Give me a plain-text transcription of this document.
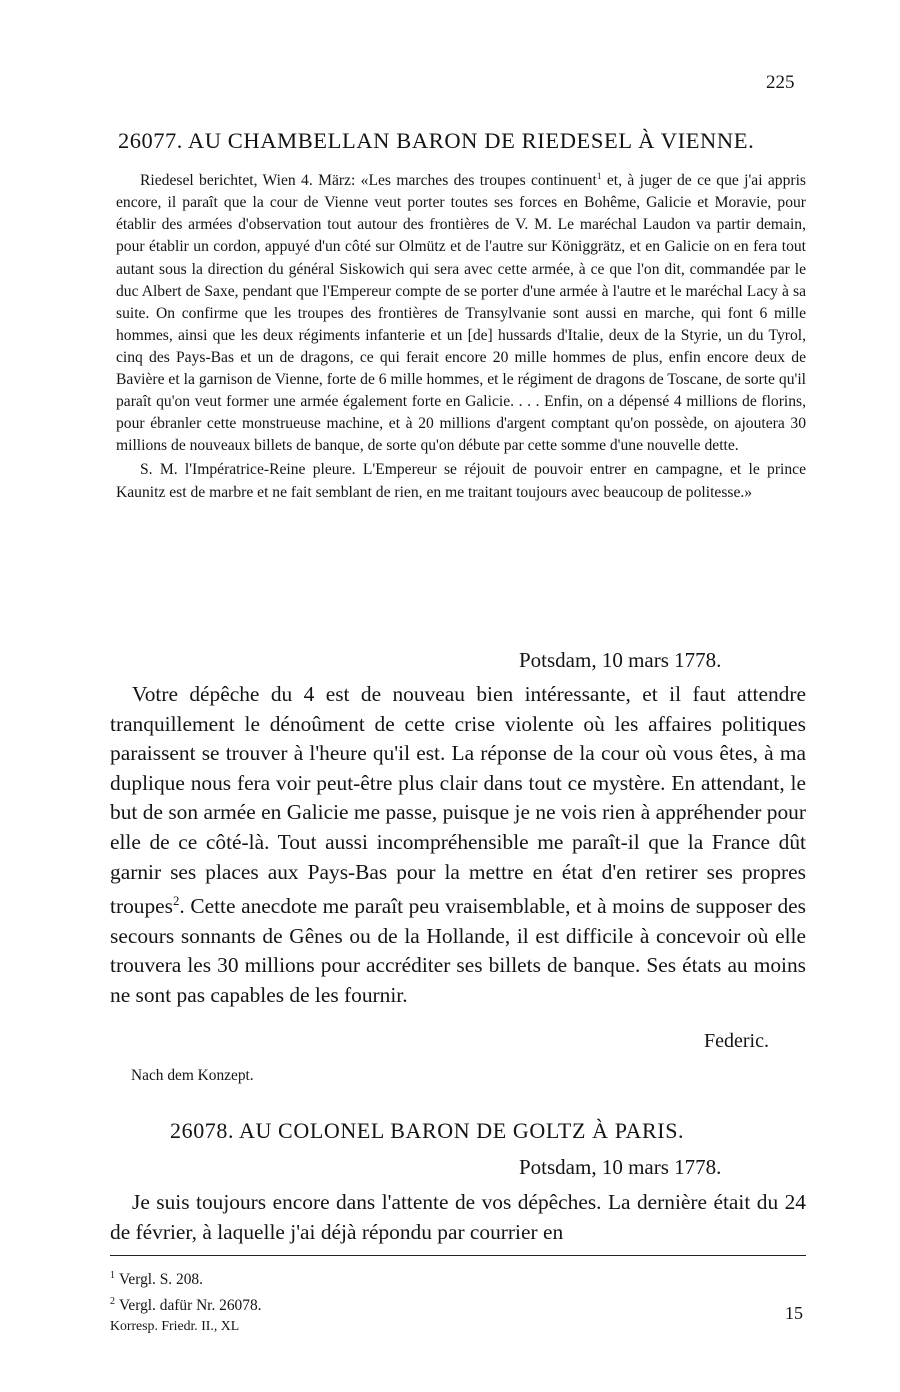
225
26077. AU CHAMBELLAN BARON DE RIEDESEL À VIENNE.

Riedesel berichtet, Wien 4. März: «Les marches des troupes continuent$^1$ et, à juger de ce que j'ai appris encore, il paraît que la cour de Vienne veut porter toutes ses forces en Bohême, Galicie et Moravie, pour établir des armées d'observation tout autour des frontières de V. M. Le maréchal Laudon va partir demain, pour établir un cordon, appuyé d'un côté sur Olmütz et de l'autre sur Königgrätz, et en Galicie on en fera tout autant sous la direction du général Siskowich qui sera avec cette armée, à ce que l'on dit, commandée par le duc Albert de Saxe, pendant que l'Empereur compte de se porter d'une armée à l'autre et le maréchal Lacy à sa suite. On confirme que les troupes des frontières de Transylvanie sont aussi en marche, qui font 6 mille hommes, ainsi que les deux régiments infanterie et un [de] hussards d'Italie, deux de la Styrie, un du Tyrol, cinq des Pays-Bas et un de dragons, ce qui ferait encore 20 mille hommes de plus, enfin encore deux de Bavière et la garnison de Vienne, forte de 6 mille hommes, et le régiment de dragons de Toscane, de sorte qu'il paraît qu'on veut former une armée également forte en Galicie. . . . Enfin, on a dépensé 4 millions de florins, pour ébranler cette monstrueuse machine, et à 20 millions d'argent comptant qu'on possède, on ajoutera 30 millions de nouveaux billets de banque, de sorte qu'on débute par cette somme d'une nouvelle dette.

S. M. l'Impératrice-Reine pleure. L'Empereur se réjouit de pouvoir entrer en campagne, et le prince Kaunitz est de marbre et ne fait semblant de rien, en me traitant toujours avec beaucoup de politesse.»

Potsdam, 10 mars 1778.

Votre dépêche du 4 est de nouveau bien intéressante, et il faut attendre tranquillement le dénoûment de cette crise violente où les affaires politiques paraissent se trouver à l'heure qu'il est. La réponse de la cour où vous êtes, à ma duplique nous fera voir peut-être plus clair dans tout ce mystère. En attendant, le but de son armée en Galicie me passe, puisque je ne vois rien à appréhender pour elle de ce côté-là. Tout aussi incompréhensible me paraît-il que la France dût garnir ses places aux Pays-Bas pour la mettre en état d'en retirer ses propres troupes$^2$. Cette anecdote me paraît peu vraisemblable, et à moins de supposer des secours sonnants de Gênes ou de la Hollande, il est difficile à concevoir où elle trouvera les 30 millions pour accréditer ses billets de banque. Ses états au moins ne sont pas capables de les fournir.

Federic.
Nach dem Konzept.
26078. AU COLONEL BARON DE GOLTZ À PARIS.
Potsdam, 10 mars 1778.

Je suis toujours encore dans l'attente de vos dépêches. La dernière était du 24 de février, à laquelle j'ai déjà répondu par courrier en

$^1$ Vergl. S. 208.
$^2$ Vergl. dafür Nr. 26078.
Korresp. Friedr. II., XL
15
